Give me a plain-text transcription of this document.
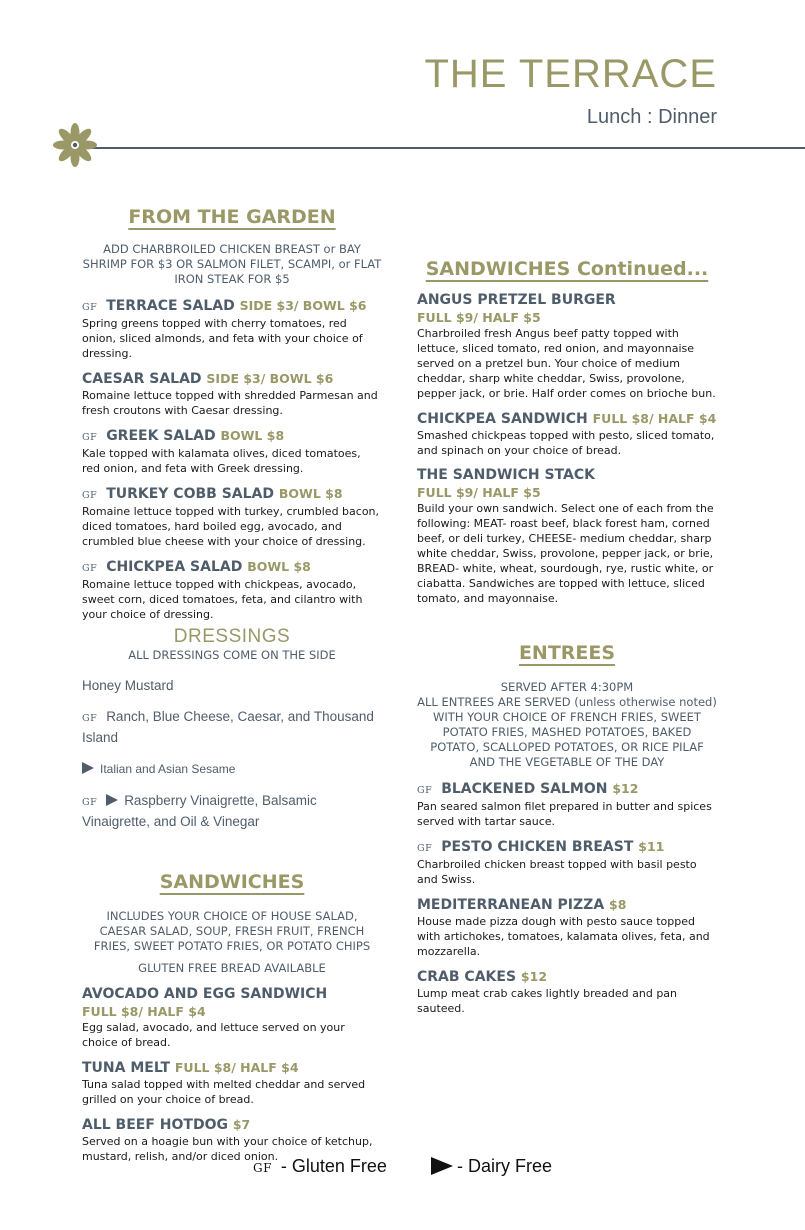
THE TERRACE
Lunch : Dinner
FROM THE GARDEN

ADD CHARBROILED CHICKEN BREAST or BAY SHRIMP FOR $3 OR SALMON FILET, SCAMPI, or FLAT IRON STEAK FOR $5

GF TERRACE SALAD SIDE $3/ BOWL $6
Spring greens topped with cherry tomatoes, red onion, sliced almonds, and feta with your choice of dressing.
CAESAR SALAD SIDE $3/ BOWL $6
Romaine lettuce topped with shredded Parmesan and fresh croutons with Caesar dressing.
GF GREEK SALAD BOWL $8
Kale topped with kalamata olives, diced tomatoes, red onion, and feta with Greek dressing.
GF TURKEY COBB SALAD BOWL $8
Romaine lettuce topped with turkey, crumbled bacon, diced tomatoes, hard boiled egg, avocado, and crumbled blue cheese with your choice of dressing.
GF CHICKPEA SALAD BOWL $8
Romaine lettuce topped with chickpeas, avocado, sweet corn, diced tomatoes, feta, and cilantro with your choice of dressing.
DRESSINGS
ALL DRESSINGS COME ON THE SIDE
Honey Mustard
GF Ranch, Blue Cheese, Caesar, and Thousand Island
Italian and Asian Sesame
GF Raspberry Vinaigrette, Balsamic Vinaigrette, and Oil & Vinegar
SANDWICHES

INCLUDES YOUR CHOICE OF HOUSE SALAD, CAESAR SALAD, SOUP, FRESH FRUIT, FRENCH FRIES, SWEET POTATO FRIES, OR POTATO CHIPS

GLUTEN FREE BREAD AVAILABLE

AVOCADO AND EGG SANDWICH
FULL $8/ HALF $4
Egg salad, avocado, and lettuce served on your choice of bread.
TUNA MELT FULL $8/ HALF $4
Tuna salad topped with melted cheddar and served grilled on your choice of bread.
ALL BEEF HOTDOG $7
Served on a hoagie bun with your choice of ketchup, mustard, relish, and/or diced onion.
SANDWICHES Continued...
ANGUS PRETZEL BURGER
FULL $9/ HALF $5
Charbroiled fresh Angus beef patty topped with lettuce, sliced tomato, red onion, and mayonnaise served on a pretzel bun. Your choice of medium cheddar, sharp white cheddar, Swiss, provolone, pepper jack, or brie. Half order comes on brioche bun.
CHICKPEA SANDWICH FULL $8/ HALF $4
Smashed chickpeas topped with pesto, sliced tomato, and spinach on your choice of bread.
THE SANDWICH STACK
FULL $9/ HALF $5
Build your own sandwich. Select one of each from the following: MEAT- roast beef, black forest ham, corned beef, or deli turkey, CHEESE- medium cheddar, sharp white cheddar, Swiss, provolone, pepper jack, or brie, BREAD- white, wheat, sourdough, rye, rustic white, or ciabatta. Sandwiches are topped with lettuce, sliced tomato, and mayonnaise.
ENTREES

SERVED AFTER 4:30PM

ALL ENTREES ARE SERVED (unless otherwise noted) WITH YOUR CHOICE OF FRENCH FRIES, SWEET POTATO FRIES, MASHED POTATOES, BAKED POTATO, SCALLOPED POTATOES, OR RICE PILAF AND THE VEGETABLE OF THE DAY

GF BLACKENED SALMON $12
Pan seared salmon filet prepared in butter and spices served with tartar sauce.
GF PESTO CHICKEN BREAST $11
Charbroiled chicken breast topped with basil pesto and Swiss.
MEDITERRANEAN PIZZA $8
House made pizza dough with pesto sauce topped with artichokes, tomatoes, kalamata olives, feta, and mozzarella.
CRAB CAKES $12
Lump meat crab cakes lightly breaded and pan sauteed.
GF - Gluten Free	- Dairy Free
